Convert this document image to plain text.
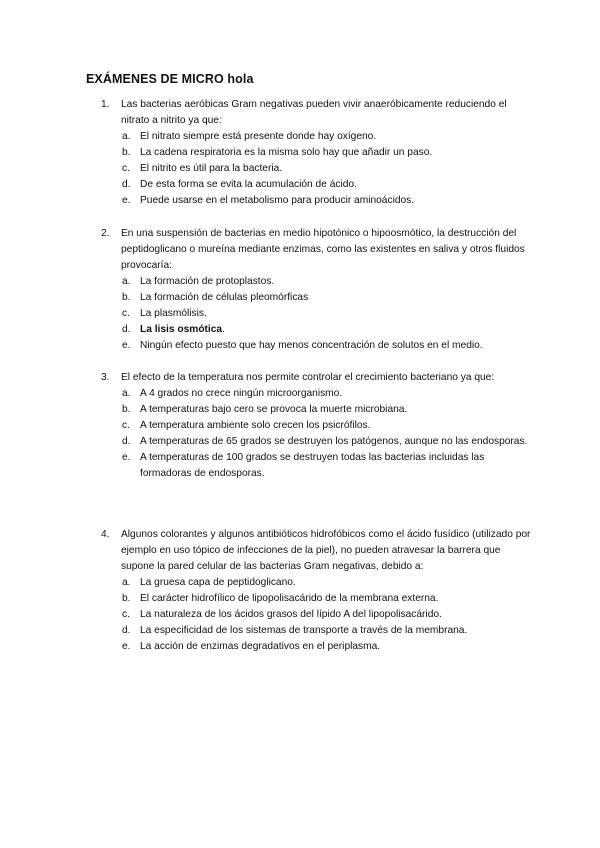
EXÁMENES DE MICRO hola
1. Las bacterias aeróbicas Gram negativas pueden vivir anaeróbicamente reduciendo el nitrato a nitrito ya que:
a. El nitrato siempre está presente donde hay oxígeno.
b. La cadena respiratoria es la misma solo hay que añadir un paso.
c. El nitrito es útil para la bacteria.
d. De esta forma se evita la acumulación de ácido.
e. Puede usarse en el metabolismo para producir aminoácidos.
2. En una suspensión de bacterias en medio hipotónico o hipoosmótico, la destrucción del peptidoglicano o mureína mediante enzimas, como las existentes en saliva y otros fluidos provocaría:
a. La formación de protoplastos.
b. La formación de células pleomórficas
c. La plasmólisis.
d. La lisis osmótica.
e. Ningún efecto puesto que hay menos concentración de solutos en el medio.
3. El efecto de la temperatura nos permite controlar el crecimiento bacteriano ya que:
a. A 4 grados no crece ningún microorganismo.
b. A temperaturas bajo cero se provoca la muerte microbiana.
c. A temperatura ambiente solo crecen los psicrófilos.
d. A temperaturas de 65 grados se destruyen los patógenos, aunque no las endosporas.
e. A temperaturas de 100 grados se destruyen todas las bacterias incluidas las formadoras de endosporas.
4. Algunos colorantes y algunos antibióticos hidrofóbicos como el ácido fusídico (utilizado por ejemplo en uso tópico de infecciones de la piel), no pueden atravesar la barrera que supone la pared celular de las bacterias Gram negativas, debido a:
a. La gruesa capa de peptidoglicano.
b. El carácter hidrofílico de lipopolisacárido de la membrana externa.
c. La naturaleza de los ácidos grasos del lípido A del lipopolisacárido.
d. La especificidad de los sistemas de transporte a través de la membrana.
e. La acción de enzimas degradativos en el periplasma.
